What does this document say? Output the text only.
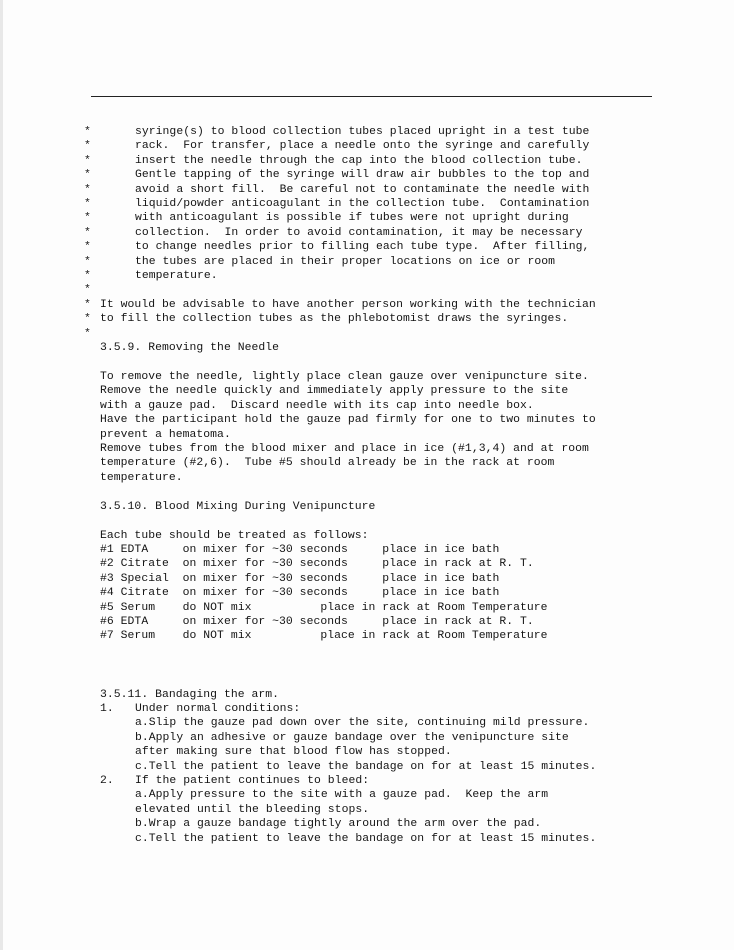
*
*
*
*
*
*
*
*
*
*
*
*
*
*
*
syringe(s) to blood collection tubes placed upright in a test tube
rack.  For transfer, place a needle onto the syringe and carefully
insert the needle through the cap into the blood collection tube.
Gentle tapping of the syringe will draw air bubbles to the top and
avoid a short fill.  Be careful not to contaminate the needle with
liquid/powder anticoagulant in the collection tube.  Contamination
with anticoagulant is possible if tubes were not upright during
collection.  In order to avoid contamination, it may be necessary
to change needles prior to filling each tube type.  After filling,
the tubes are placed in their proper locations on ice or room
temperature.
It would be advisable to have another person working with the technician
to fill the collection tubes as the phlebotomist draws the syringes.
3.5.9. Removing the Needle
To remove the needle, lightly place clean gauze over venipuncture site.
Remove the needle quickly and immediately apply pressure to the site
with a gauze pad.  Discard needle with its cap into needle box.
Have the participant hold the gauze pad firmly for one to two minutes to
prevent a hematoma.
Remove tubes from the blood mixer and place in ice (#1,3,4) and at room
temperature (#2,6).  Tube #5 should already be in the rack at room
temperature.
3.5.10. Blood Mixing During Venipuncture
Each tube should be treated as follows:
#1 EDTA     on mixer for ~30 seconds     place in ice bath
#2 Citrate  on mixer for ~30 seconds     place in rack at R. T.
#3 Special  on mixer for ~30 seconds     place in ice bath
#4 Citrate  on mixer for ~30 seconds     place in ice bath
#5 Serum    do NOT mix          place in rack at Room Temperature
#6 EDTA     on mixer for ~30 seconds     place in rack at R. T.
#7 Serum    do NOT mix          place in rack at Room Temperature
3.5.11. Bandaging the arm.
1. Under normal conditions:
a.Slip the gauze pad down over the site, continuing mild pressure.
b.Apply an adhesive or gauze bandage over the venipuncture site
after making sure that blood flow has stopped.
c.Tell the patient to leave the bandage on for at least 15 minutes.
2. If the patient continues to bleed:
a.Apply pressure to the site with a gauze pad.  Keep the arm
elevated until the bleeding stops.
b.Wrap a gauze bandage tightly around the arm over the pad.
c.Tell the patient to leave the bandage on for at least 15 minutes.
